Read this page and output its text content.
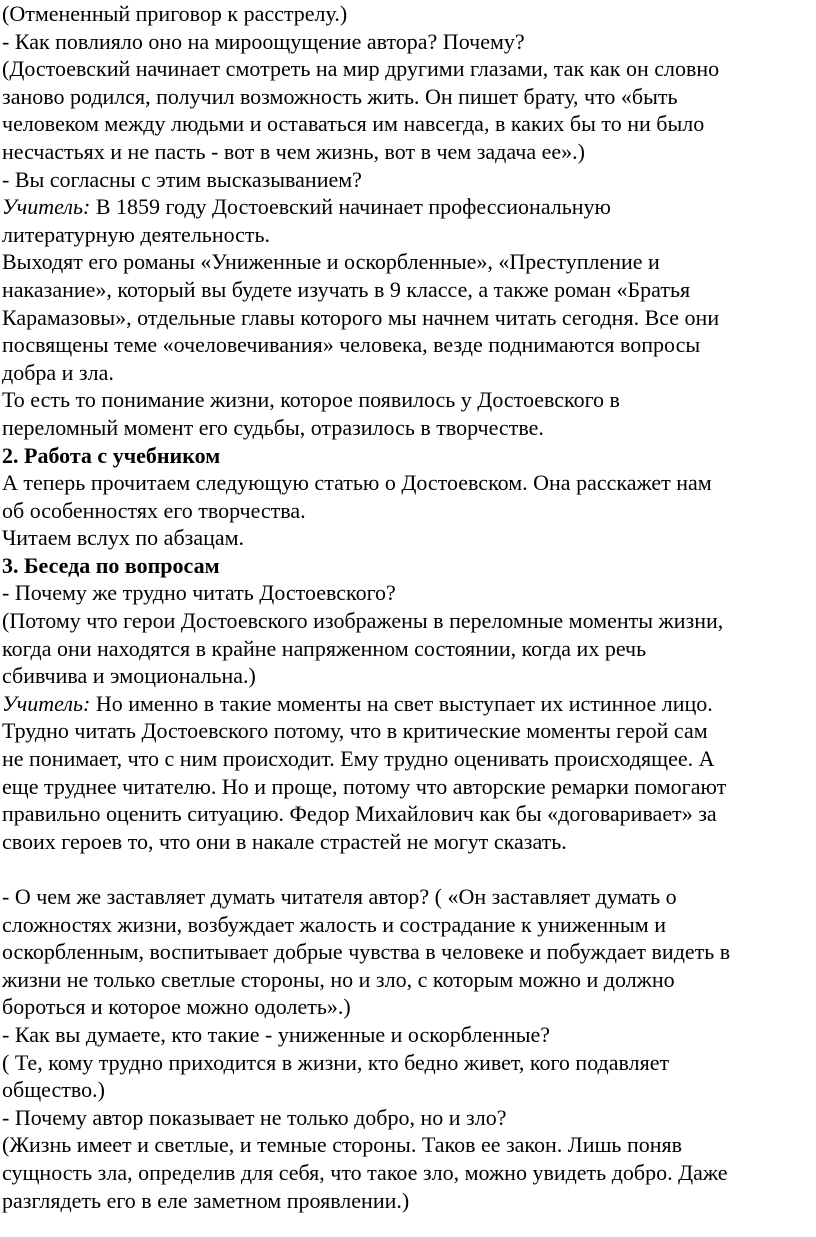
(Отмененный приговор к расстрелу.)
- Как повлияло оно на мироощущение автора? Почему?
(Достоевский начинает смотреть на мир другими глазами, так как он словно
заново родился, получил возможность жить. Он пишет брату, что «быть
человеком между людьми и оставаться им навсегда, в каких бы то ни было
несчастьях и не пасть - вот в чем жизнь, вот в чем задача ее».)
- Вы согласны с этим высказыванием?
Учитель: В 1859 году Достоевский начинает профессиональную
литературную деятельность.
Выходят его романы «Униженные и оскорбленные», «Преступление и
наказание», который вы будете изучать в 9 классе, а также роман «Братья
Карамазовы», отдельные главы которого мы начнем читать сегодня. Все они
посвящены теме «очеловечивания» человека, везде поднимаются вопросы
добра и зла.
То есть то понимание жизни, которое появилось у Достоевского в
переломный момент его судьбы, отразилось в творчестве.
2. Работа с учебником
А теперь прочитаем следующую статью о Достоевском. Она расскажет нам
об особенностях его творчества.
Читаем вслух по абзацам.
3. Беседа по вопросам
- Почему же трудно читать Достоевского?
(Потому что герои Достоевского изображены в переломные моменты жизни,
когда они находятся в крайне напряженном состоянии, когда их речь
сбивчива и эмоциональна.)
Учитель: Но именно в такие моменты на свет выступает их истинное лицо.
Трудно читать Достоевского потому, что в критические моменты герой сам
не понимает, что с ним происходит. Ему трудно оценивать происходящее. А
еще труднее читателю. Но и проще, потому что авторские ремарки помогают
правильно оценить ситуацию. Федор Михайлович как бы «договаривает» за
своих героев то, что они в накале страстей не могут сказать.
- О чем же заставляет думать читателя автор? ( «Он заставляет думать о
сложностях жизни, возбуждает жалость и сострадание к униженным и
оскорбленным, воспитывает добрые чувства в человеке и побуждает видеть в
жизни не только светлые стороны, но и зло, с которым можно и должно
бороться и которое можно одолеть».)
- Как вы думаете, кто такие - униженные и оскорбленные?
( Те, кому трудно приходится в жизни, кто бедно живет, кого подавляет
общество.)
- Почему автор показывает не только добро, но и зло?
(Жизнь имеет и светлые, и темные стороны. Таков ее закон. Лишь поняв
сущность зла, определив для себя, что такое зло, можно увидеть добро. Даже
разглядеть его в еле заметном проявлении.)
